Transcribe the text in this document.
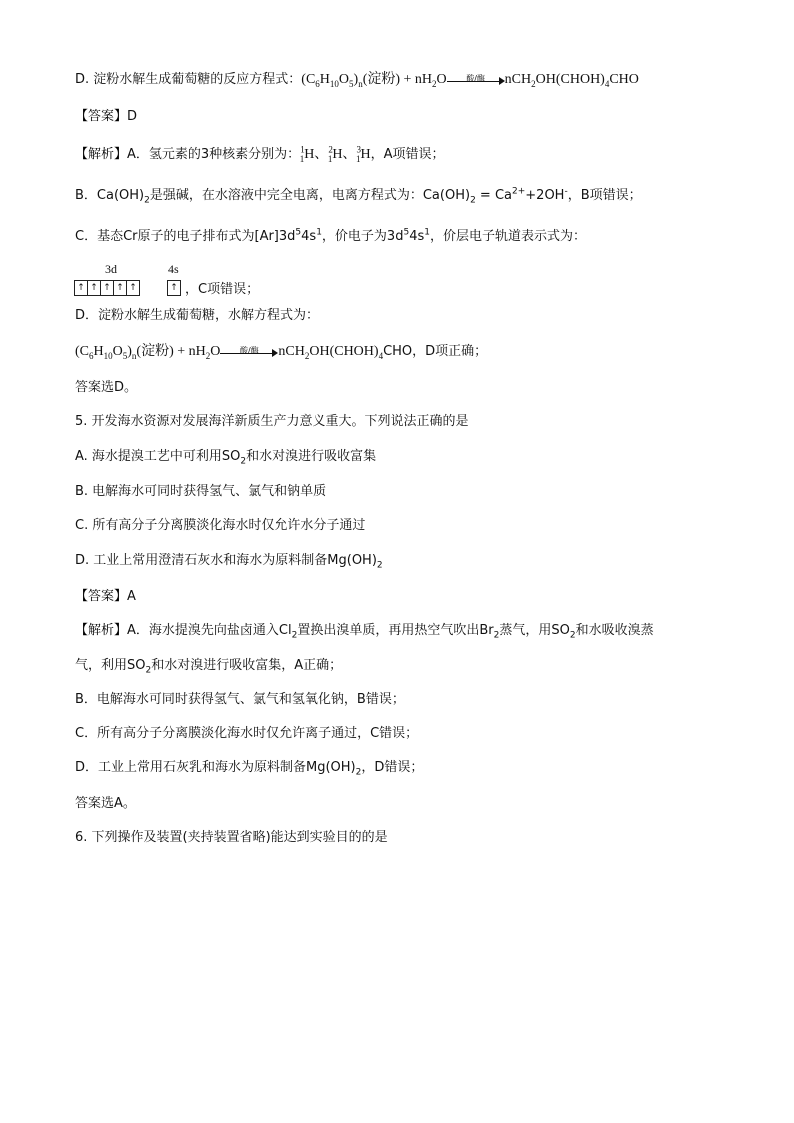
D. 淀粉水解生成葡萄糖的反应方程式：$(C_6H_{10}O_5)_n$(淀粉) + $nH_2O$	酸/酶	$nCH_2OH(CHOH)_4CHO$
【答案】D
【解析】A．氢元素的3种核素分别为：$^1_1$H、$^2_1$H、$^3_1$H，A项错误；
B．$Ca(OH)_2$是强碱，在水溶液中完全电离，电离方程式为：$Ca(OH)_2 = Ca^{2+}+2OH^-$，B项错误；
C．基态Cr原子的电子排布式为$[Ar]3d^54s^1$，价电子为$3d^54s^1$，价层电子轨道表示式为：
3d	4s
↑ ↑ ↑ ↑ ↑	↑ ，C项错误；
D．淀粉水解生成葡萄糖，水解方程式为：
$(C_6H_{10}O_5)_n$(淀粉) + $nH_2O$	酸/酶	$nCH_2OH(CHOH)_4CHO$，D项正确；
答案选D。
5. 开发海水资源对发展海洋新质生产力意义重大。下列说法正确的是
A. 海水提溴工艺中可利用$SO_2$和水对溴进行吸收富集
B. 电解海水可同时获得氢气、氯气和钠单质
C. 所有高分子分离膜淡化海水时仅允许水分子通过
D. 工业上常用澄清石灰水和海水为原料制备$Mg(OH)_2$
【答案】A
【解析】A．海水提溴先向盐卤通入$Cl_2$置换出溴单质，再用热空气吹出$Br_2$蒸气，用$SO_2$和水吸收溴蒸
气，利用$SO_2$和水对溴进行吸收富集，A正确；
B．电解海水可同时获得氢气、氯气和氢氧化钠，B错误；
C．所有高分子分离膜淡化海水时仅允许离子通过，C错误；
D．工业上常用石灰乳和海水为原料制备$Mg(OH)_2$，D错误；
答案选A。
6. 下列操作及装置(夹持装置省略)能达到实验目的的是
